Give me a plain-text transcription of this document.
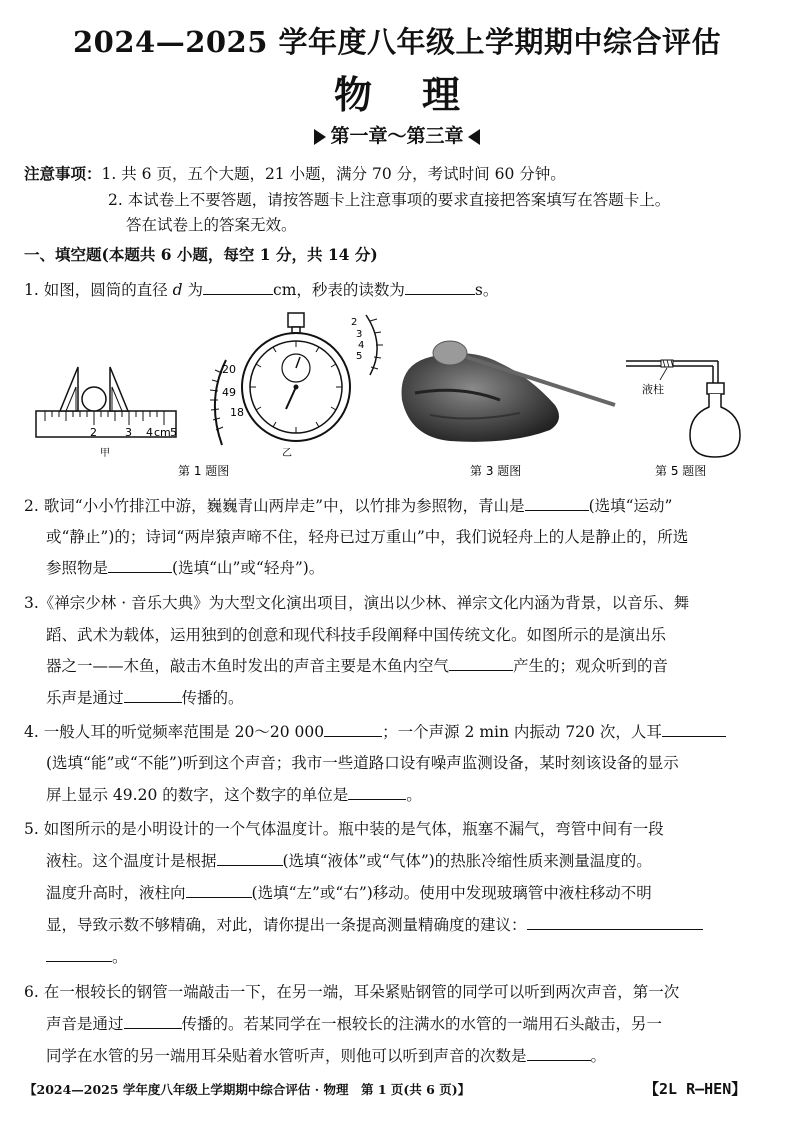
2024—2025 学年度八年级上学期期中综合评估
物理
第一章～第三章
注意事项：1. 共 6 页，五个大题，21 小题，满分 70 分，考试时间 60 分钟。
2. 本试卷上不要答题，请按答题卡上注意事项的要求直接把答案填写在答题卡上。
答在试卷上的答案无效。
一、填空题(本题共 6 小题，每空 1 分，共 14 分)
1. 如图，圆筒的直径 d 为	cm，秒表的读数为	s。
2	3 4 cm 5
甲
20
49
18
2
3
4
5
乙
第 1 题图	第 3 题图
液柱
第 5 题图
2. 歌词“小小竹排江中游，巍巍青山两岸走”中，以竹排为参照物，青山是	(选填“运动”
或“静止”)的；诗词“两岸猿声啼不住，轻舟已过万重山”中，我们说轻舟上的人是静止的，所选
参照物是	(选填“山”或“轻舟”)。
3.《禅宗少林 · 音乐大典》为大型文化演出项目，演出以少林、禅宗文化内涵为背景，以音乐、舞
蹈、武术为载体，运用独到的创意和现代科技手段阐释中国传统文化。如图所示的是演出乐
器之一——木鱼，敲击木鱼时发出的声音主要是木鱼内空气	产生的；观众听到的音
乐声是通过	传播的。
4. 一般人耳的听觉频率范围是 20～20 000	；一个声源 2 min 内振动 720 次，人耳
(选填“能”或“不能”)听到这个声音；我市一些道路口设有噪声监测设备，某时刻该设备的显示
屏上显示 49.20 的数字，这个数字的单位是	。
5. 如图所示的是小明设计的一个气体温度计。瓶中装的是气体，瓶塞不漏气，弯管中间有一段
液柱。这个温度计是根据	(选填“液体”或“气体”)的热胀冷缩性质来测量温度的。
温度升高时，液柱向	(选填“左”或“右”)移动。使用中发现玻璃管中液柱移动不明
显，导致示数不够精确，对此，请你提出一条提高测量精确度的建议：
。
6. 在一根较长的钢管一端敲击一下，在另一端，耳朵紧贴钢管的同学可以听到两次声音，第一次
声音是通过	传播的。若某同学在一根较长的注满水的水管的一端用石头敲击，另一
同学在水管的另一端用耳朵贴着水管听声，则他可以听到声音的次数是	。
【2024—2025 学年度八年级上学期期中综合评估 · 物理　第 1 页(共 6 页)】	【2L R—HEN】
